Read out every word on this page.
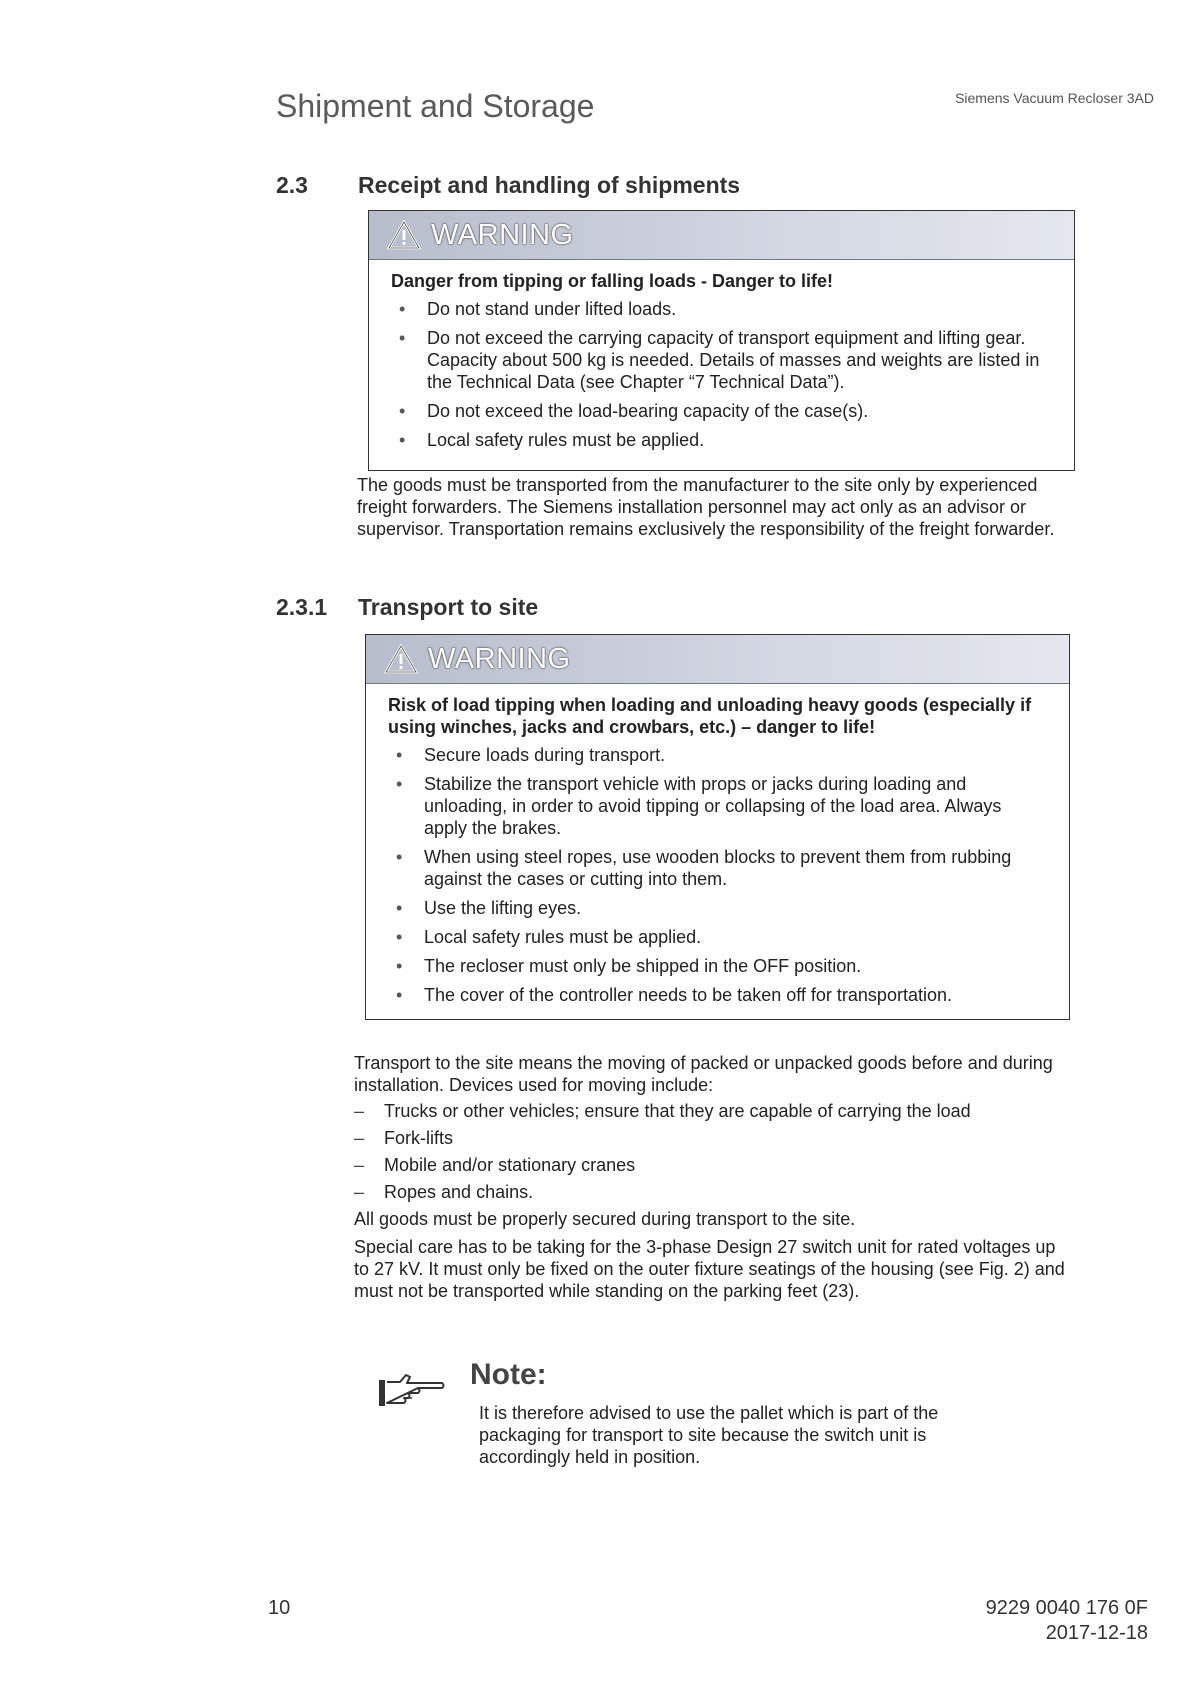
Shipment and Storage	Siemens Vacuum Recloser 3AD
2.3 Receipt and handling of shipments
WARNING

Danger from tipping or falling loads - Danger to life!

• Do not stand under lifted loads.
• Do not exceed the carrying capacity of transport equipment and lifting gear. Capacity about 500 kg is needed. Details of masses and weights are listed in the Technical Data (see Chapter “7 Technical Data”).
• Do not exceed the load-bearing capacity of the case(s).
• Local safety rules must be applied.

The goods must be transported from the manufacturer to the site only by experienced freight forwarders. The Siemens installation personnel may act only as an advisor or supervisor. Transportation remains exclusively the responsibility of the freight forwarder.

2.3.1 Transport to site
WARNING

Risk of load tipping when loading and unloading heavy goods (especially if using winches, jacks and crowbars, etc.) – danger to life!

• Secure loads during transport.
• Stabilize the transport vehicle with props or jacks during loading and unloading, in order to avoid tipping or collapsing of the load area. Always apply the brakes.
• When using steel ropes, use wooden blocks to prevent them from rubbing against the cases or cutting into them.
• Use the lifting eyes.
• Local safety rules must be applied.
• The recloser must only be shipped in the OFF position.
• The cover of the controller needs to be taken off for transportation.

Transport to the site means the moving of packed or unpacked goods before and during installation. Devices used for moving include:

– Trucks or other vehicles; ensure that they are capable of carrying the load
– Fork-lifts
– Mobile and/or stationary cranes
– Ropes and chains.

All goods must be properly secured during transport to the site.

Special care has to be taking for the 3-phase Design 27 switch unit for rated voltages up to 27 kV. It must only be fixed on the outer fixture seatings of the housing (see Fig. 2) and must not be transported while standing on the parking feet (23).

Note:

It is therefore advised to use the pallet which is part of the packaging for transport to site because the switch unit is accordingly held in position.

10	9229 0040 176 0F
2017-12-18
